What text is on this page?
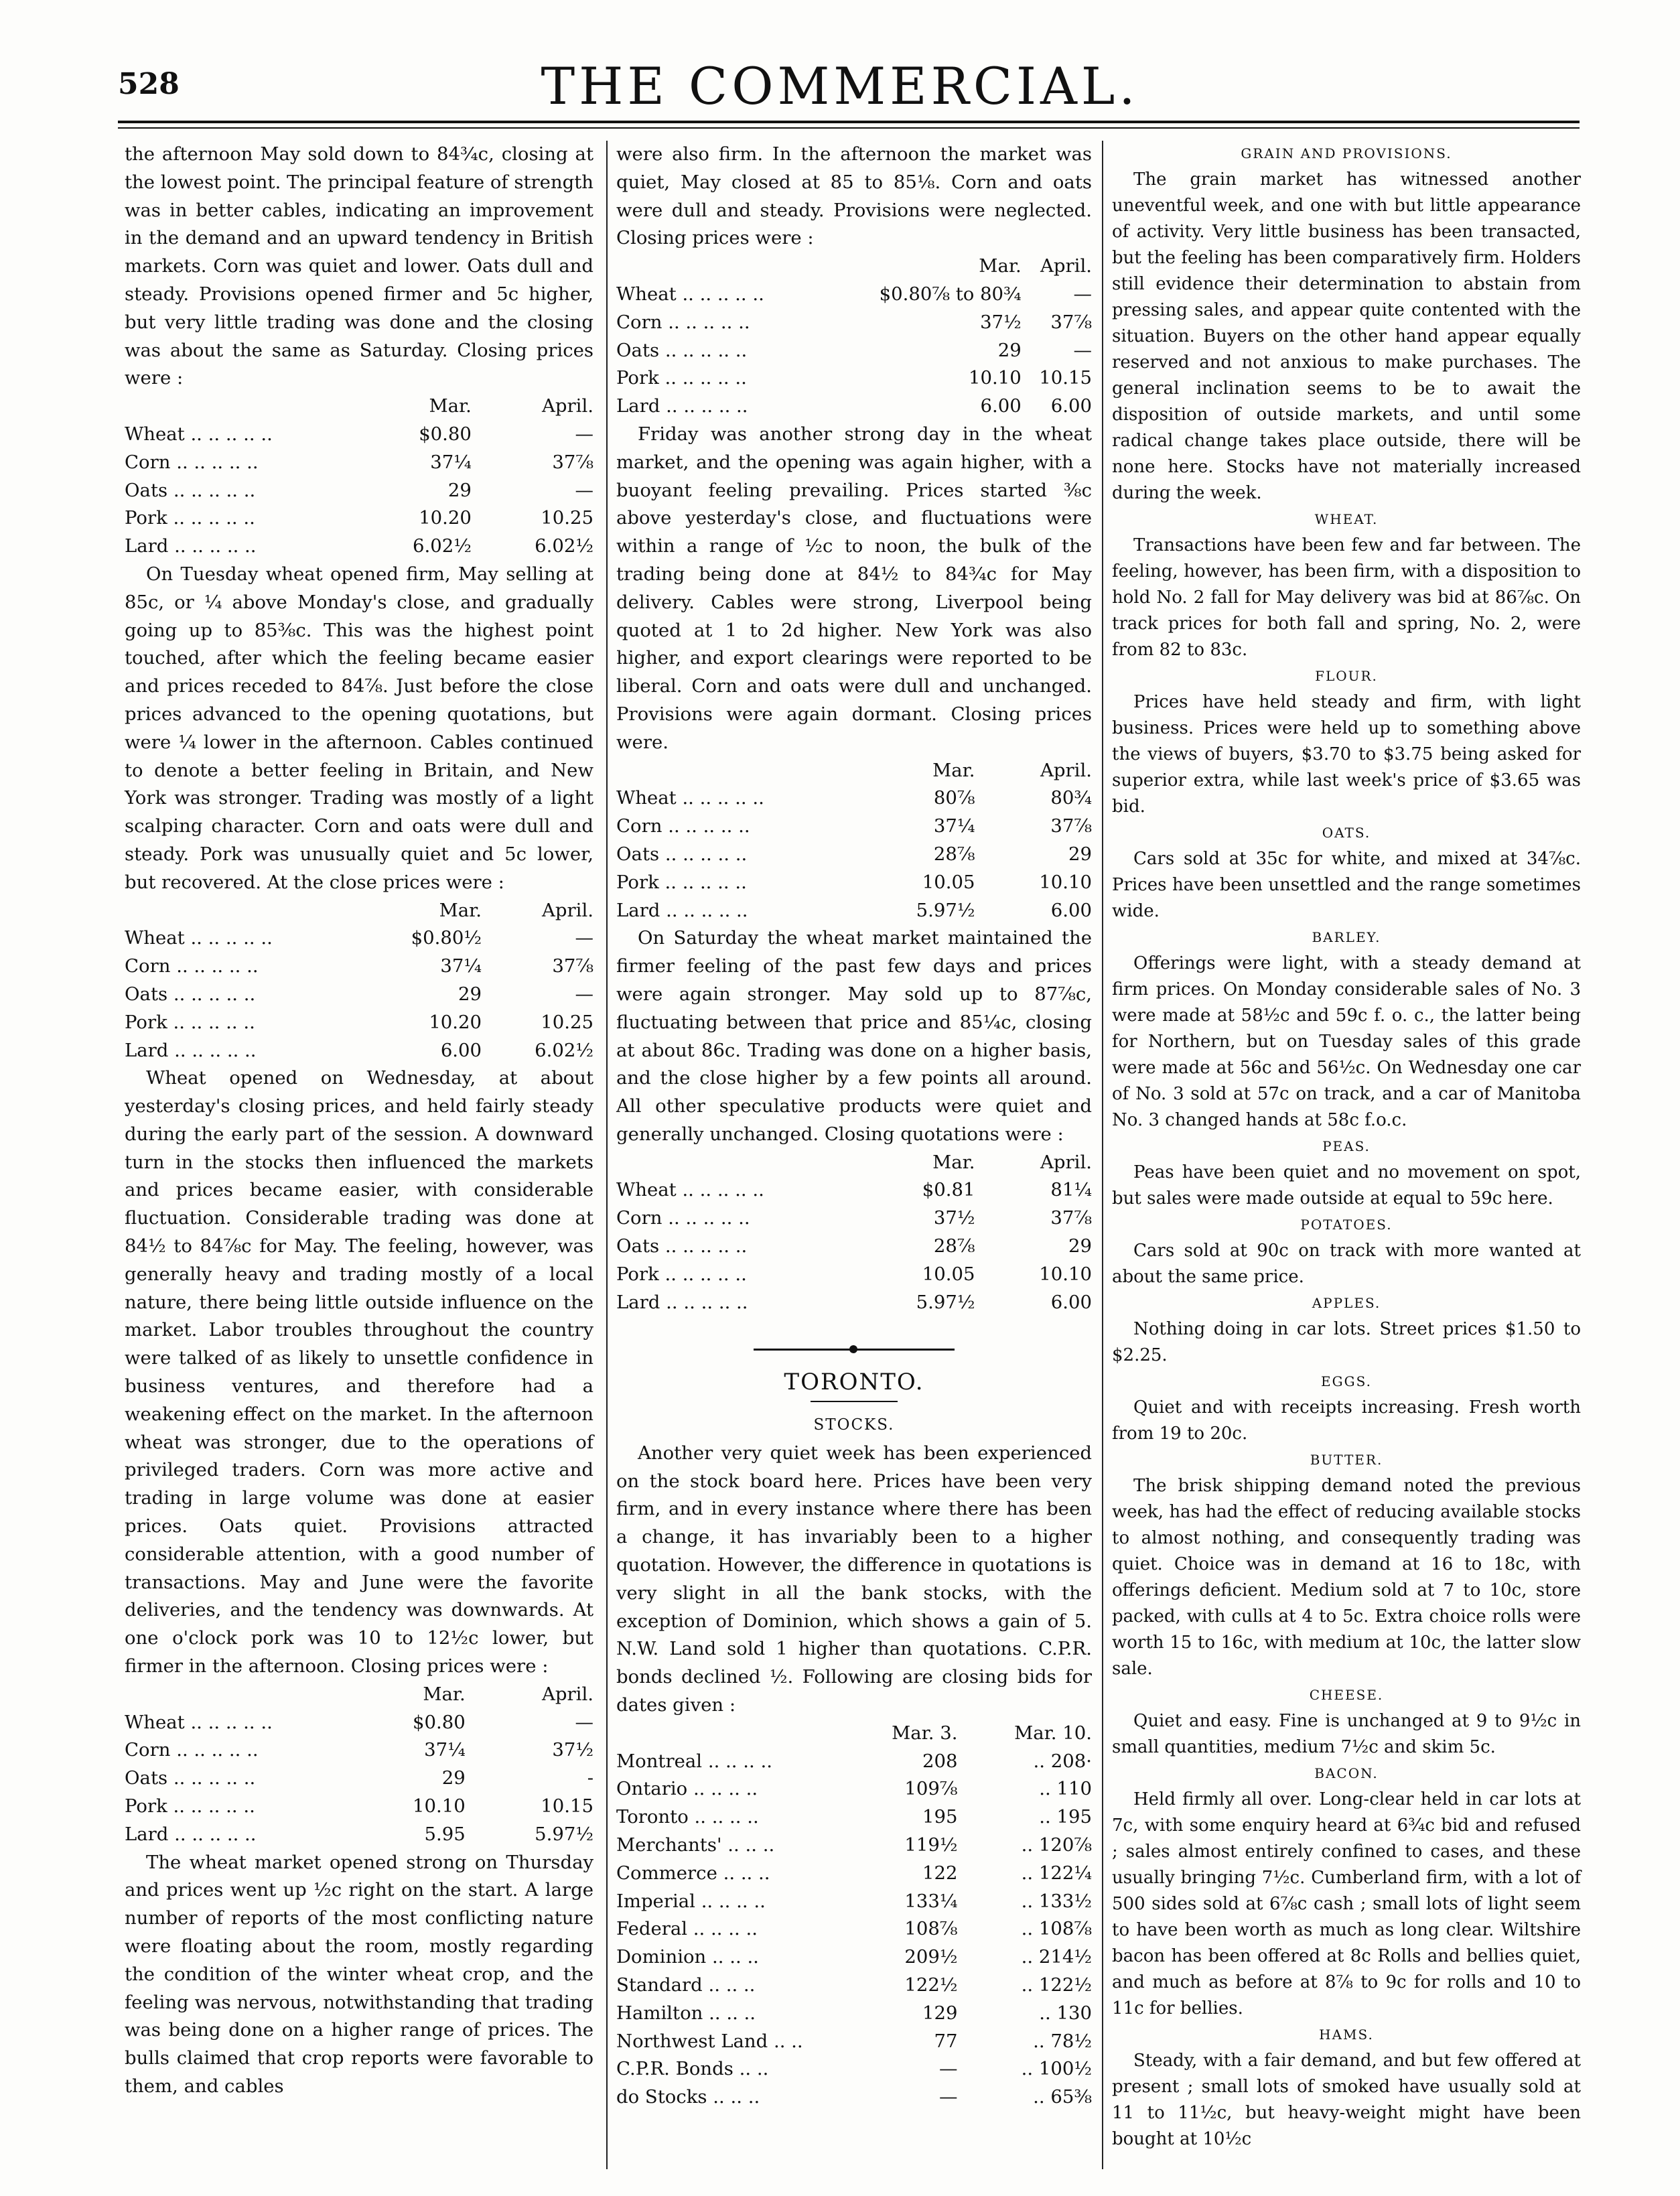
528	THE COMMERCIAL.

the afternoon May sold down to 84¾c, closing at the lowest point. The principal feature of strength was in better cables, indicating an improvement in the demand and an upward tendency in British markets. Corn was quiet and lower. Oats dull and steady. Provisions opened firmer and 5c higher, but very little trading was done and the closing was about the same as Saturday. Closing prices were :

	Mar.	April.
Wheat .. .. .. .. ..	$0.80	—
Corn .. .. .. .. ..	37¼	37⅞
Oats .. .. .. .. ..	29	—
Pork .. .. .. .. ..	10.20	10.25
Lard .. .. .. .. ..	6.02½	6.02½

On Tuesday wheat opened firm, May selling at 85c, or ¼ above Monday's close, and gradually going up to 85⅜c. This was the highest point touched, after which the feeling became easier and prices receded to 84⅞. Just before the close prices advanced to the opening quotations, but were ¼ lower in the afternoon. Cables continued to denote a better feeling in Britain, and New York was stronger. Trading was mostly of a light scalping character. Corn and oats were dull and steady. Pork was unusually quiet and 5c lower, but recovered. At the close prices were :

	Mar.	April.
Wheat .. .. .. .. ..	$0.80½	—
Corn .. .. .. .. ..	37¼	37⅞
Oats .. .. .. .. ..	29	—
Pork .. .. .. .. ..	10.20	10.25
Lard .. .. .. .. ..	6.00	6.02½

Wheat opened on Wednesday, at about yesterday's closing prices, and held fairly steady during the early part of the session. A downward turn in the stocks then influenced the markets and prices became easier, with considerable fluctuation. Considerable trading was done at 84½ to 84⅞c for May. The feeling, however, was generally heavy and trading mostly of a local nature, there being little outside influence on the market. Labor troubles throughout the country were talked of as likely to unsettle confidence in business ventures, and therefore had a weakening effect on the market. In the afternoon wheat was stronger, due to the operations of privileged traders. Corn was more active and trading in large volume was done at easier prices. Oats quiet. Provisions attracted considerable attention, with a good number of transactions. May and June were the favorite deliveries, and the tendency was downwards. At one o'clock pork was 10 to 12½c lower, but firmer in the afternoon. Closing prices were :

	Mar.	April.
Wheat .. .. .. .. ..	$0.80	—
Corn .. .. .. .. ..	37¼	37½
Oats .. .. .. .. ..	29	-
Pork .. .. .. .. ..	10.10	10.15
Lard .. .. .. .. ..	5.95	5.97½

The wheat market opened strong on Thursday and prices went up ½c right on the start. A large number of reports of the most conflicting nature were floating about the room, mostly regarding the condition of the winter wheat crop, and the feeling was nervous, notwithstanding that trading was being done on a higher range of prices. The bulls claimed that crop reports were favorable to them, and cables

were also firm. In the afternoon the market was quiet, May closed at 85 to 85⅛. Corn and oats were dull and steady. Provisions were neglected. Closing prices were :

	Mar.	April.
Wheat .. .. .. .. ..	$0.80⅞ to 80¾	—
Corn .. .. .. .. ..	37½	37⅞
Oats .. .. .. .. ..	29	—
Pork .. .. .. .. ..	10.10	10.15
Lard .. .. .. .. ..	6.00	6.00

Friday was another strong day in the wheat market, and the opening was again higher, with a buoyant feeling prevailing. Prices started ⅜c above yesterday's close, and fluctuations were within a range of ½c to noon, the bulk of the trading being done at 84½ to 84¾c for May delivery. Cables were strong, Liverpool being quoted at 1 to 2d higher. New York was also higher, and export clearings were reported to be liberal. Corn and oats were dull and unchanged. Provisions were again dormant. Closing prices were.

	Mar.	April.
Wheat .. .. .. .. ..	80⅞	80¾
Corn .. .. .. .. ..	37¼	37⅞
Oats .. .. .. .. ..	28⅞	29
Pork .. .. .. .. ..	10.05	10.10
Lard .. .. .. .. ..	5.97½	6.00

On Saturday the wheat market maintained the firmer feeling of the past few days and prices were again stronger. May sold up to 87⅞c, fluctuating between that price and 85¼c, closing at about 86c. Trading was done on a higher basis, and the close higher by a few points all around. All other speculative products were quiet and generally unchanged. Closing quotations were :

	Mar.	April.
Wheat .. .. .. .. ..	$0.81	81¼
Corn .. .. .. .. ..	37½	37⅞
Oats .. .. .. .. ..	28⅞	29
Pork .. .. .. .. ..	10.05	10.10
Lard .. .. .. .. ..	5.97½	6.00
TORONTO.
STOCKS.

Another very quiet week has been experienced on the stock board here. Prices have been very firm, and in every instance where there has been a change, it has invariably been to a higher quotation. However, the difference in quotations is very slight in all the bank stocks, with the exception of Dominion, which shows a gain of 5. N.W. Land sold 1 higher than quotations. C.P.R. bonds declined ½. Following are closing bids for dates given :

	Mar. 3.	Mar. 10.
Montreal .. .. .. ..	208	.. 208·
Ontario .. .. .. ..	109⅞	.. 110
Toronto .. .. .. ..	195	.. 195
Merchants' .. .. ..	119½	.. 120⅞
Commerce .. .. ..	122	.. 122¼
Imperial .. .. .. ..	133¼	.. 133½
Federal .. .. .. ..	108⅞	.. 108⅞
Dominion .. .. ..	209½	.. 214½
Standard .. .. ..	122½	.. 122½
Hamilton .. .. ..	129	.. 130
Northwest Land .. ..	77	.. 78½
C.P.R. Bonds .. ..	—	.. 100½
do Stocks .. .. ..	—	.. 65⅜
GRAIN AND PROVISIONS.

The grain market has witnessed another uneventful week, and one with but little appearance of activity. Very little business has been transacted, but the feeling has been comparatively firm. Holders still evidence their determination to abstain from pressing sales, and appear quite contented with the situation. Buyers on the other hand appear equally reserved and not anxious to make purchases. The general inclination seems to be to await the disposition of outside markets, and until some radical change takes place outside, there will be none here. Stocks have not materially increased during the week.

WHEAT.

Transactions have been few and far between. The feeling, however, has been firm, with a disposition to hold No. 2 fall for May delivery was bid at 86⅞c. On track prices for both fall and spring, No. 2, were from 82 to 83c.

FLOUR.

Prices have held steady and firm, with light business. Prices were held up to something above the views of buyers, $3.70 to $3.75 being asked for superior extra, while last week's price of $3.65 was bid.

OATS.

Cars sold at 35c for white, and mixed at 34⅞c. Prices have been unsettled and the range sometimes wide.

BARLEY.

Offerings were light, with a steady demand at firm prices. On Monday considerable sales of No. 3 were made at 58½c and 59c f. o. c., the latter being for Northern, but on Tuesday sales of this grade were made at 56c and 56½c. On Wednesday one car of No. 3 sold at 57c on track, and a car of Manitoba No. 3 changed hands at 58c f.o.c.

PEAS.

Peas have been quiet and no movement on spot, but sales were made outside at equal to 59c here.

POTATOES.

Cars sold at 90c on track with more wanted at about the same price.

APPLES.

Nothing doing in car lots. Street prices $1.50 to $2.25.

EGGS.

Quiet and with receipts increasing. Fresh worth from 19 to 20c.

BUTTER.

The brisk shipping demand noted the previous week, has had the effect of reducing available stocks to almost nothing, and consequently trading was quiet. Choice was in demand at 16 to 18c, with offerings deficient. Medium sold at 7 to 10c, store packed, with culls at 4 to 5c. Extra choice rolls were worth 15 to 16c, with medium at 10c, the latter slow sale.

CHEESE.

Quiet and easy. Fine is unchanged at 9 to 9½c in small quantities, medium 7½c and skim 5c.

BACON.

Held firmly all over. Long-clear held in car lots at 7c, with some enquiry heard at 6¾c bid and refused ; sales almost entirely confined to cases, and these usually bringing 7½c. Cumberland firm, with a lot of 500 sides sold at 6⅞c cash ; small lots of light seem to have been worth as much as long clear. Wiltshire bacon has been offered at 8c Rolls and bellies quiet, and much as before at 8⅞ to 9c for rolls and 10 to 11c for bellies.

HAMS.

Steady, with a fair demand, and but few offered at present ; small lots of smoked have usually sold at 11 to 11½c, but heavy-weight might have been bought at 10½c
